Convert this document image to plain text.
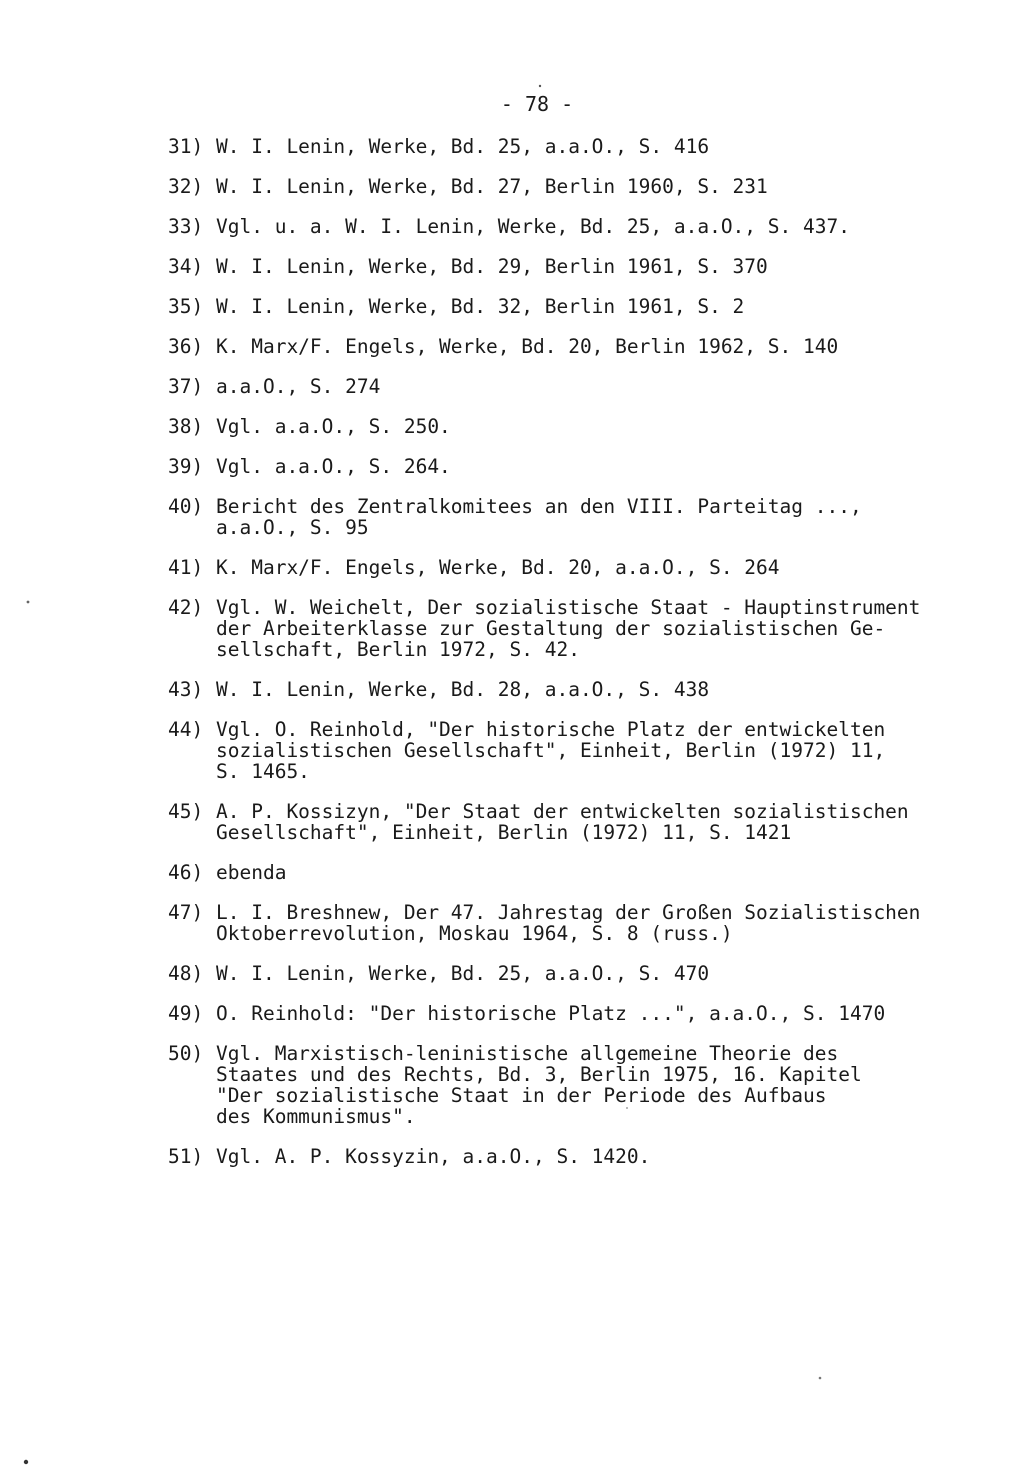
- 78 -
31) W. I. Lenin, Werke, Bd. 25, a.a.O., S. 416
32) W. I. Lenin, Werke, Bd. 27, Berlin 1960, S. 231
33) Vgl. u. a. W. I. Lenin, Werke, Bd. 25, a.a.O., S. 437.
34) W. I. Lenin, Werke, Bd. 29, Berlin 1961, S. 370
35) W. I. Lenin, Werke, Bd. 32, Berlin 1961, S. 2
36) K. Marx/F. Engels, Werke, Bd. 20, Berlin 1962, S. 140
37) a.a.O., S. 274
38) Vgl. a.a.O., S. 250.
39) Vgl. a.a.O., S. 264.
40) Bericht des Zentralkomitees an den VIII. Parteitag ...,
a.a.O., S. 95
41) K. Marx/F. Engels, Werke, Bd. 20, a.a.O., S. 264
42) Vgl. W. Weichelt, Der sozialistische Staat - Hauptinstrument
der Arbeiterklasse zur Gestaltung der sozialistischen Ge-
sellschaft, Berlin 1972, S. 42.
43) W. I. Lenin, Werke, Bd. 28, a.a.O., S. 438
44) Vgl. O. Reinhold, "Der historische Platz der entwickelten
sozialistischen Gesellschaft", Einheit, Berlin (1972) 11,
S. 1465.
45) A. P. Kossizyn, "Der Staat der entwickelten sozialistischen
Gesellschaft", Einheit, Berlin (1972) 11, S. 1421
46) ebenda
47) L. I. Breshnew, Der 47. Jahrestag der Großen Sozialistischen
Oktoberrevolution, Moskau 1964, S. 8 (russ.)
48) W. I. Lenin, Werke, Bd. 25, a.a.O., S. 470
49) O. Reinhold: "Der historische Platz ...", a.a.O., S. 1470
50) Vgl. Marxistisch-leninistische allgemeine Theorie des
Staates und des Rechts, Bd. 3, Berlin 1975, 16. Kapitel
"Der sozialistische Staat in der Periode des Aufbaus
des Kommunismus".
51) Vgl. A. P. Kossyzin, a.a.O., S. 1420.
